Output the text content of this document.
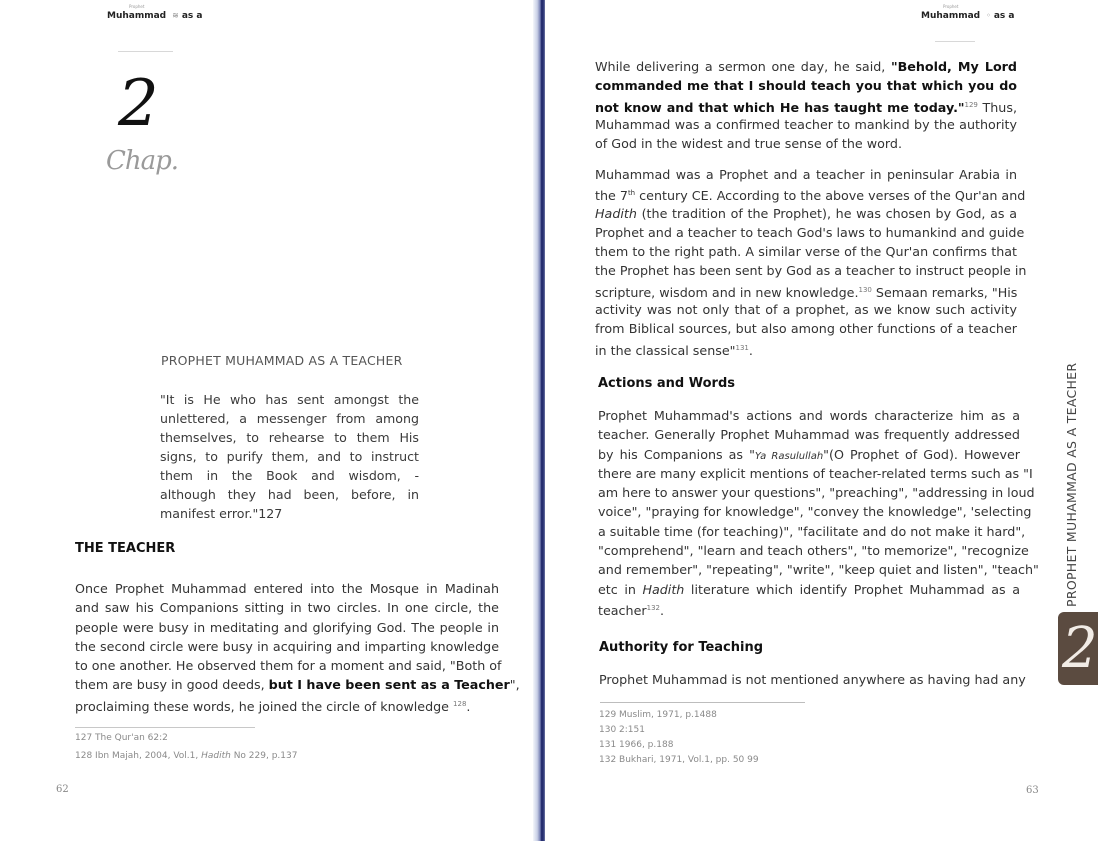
Prophet
Muhammad ≋ as a
2
Chap.
PROPHET MUHAMMAD AS A TEACHER
"It is He who has sent amongst the
unlettered, a messenger from among
themselves, to rehearse to them His
signs, to purify them, and to instruct
them in the Book and wisdom, -
although they had been, before, in
manifest error."127
THE TEACHER
Once Prophet Muhammad entered into the Mosque in Madinah
and saw his Companions sitting in two circles. In one circle, the
people were busy in meditating and glorifying God. The people in
the second circle were busy in acquiring and imparting knowledge
to one another. He observed them for a moment and said, "Both of
them are busy in good deeds, but I have been sent as a Teacher",
proclaiming these words, he joined the circle of knowledge $^{128}$.
127 The Qur'an 62:2
128 Ibn Majah, 2004, Vol.1, Hadith No 229, p.137
62
Prophet
Muhammad ◦ as a
While delivering a sermon one day, he said, "Behold, My Lord
commanded me that I should teach you that which you do
not know and that which He has taught me today."$^{129}$ Thus,
Muhammad was a confirmed teacher to mankind by the authority
of God in the widest and true sense of the word.
Muhammad was a Prophet and a teacher in peninsular Arabia in
the 7th century CE. According to the above verses of the Qur'an and
Hadith (the tradition of the Prophet), he was chosen by God, as a
Prophet and a teacher to teach God's laws to humankind and guide
them to the right path. A similar verse of the Qur'an confirms that
the Prophet has been sent by God as a teacher to instruct people in
scripture, wisdom and in new knowledge.$^{130}$ Semaan remarks, "His
activity was not only that of a prophet, as we know such activity
from Biblical sources, but also among other functions of a teacher
in the classical sense"$^{131}$.
Actions and Words
Prophet Muhammad's actions and words characterize him as a
teacher. Generally Prophet Muhammad was frequently addressed
by his Companions as "Ya Rasulullah"(O Prophet of God). However
there are many explicit mentions of teacher-related terms such as "I
am here to answer your questions", "preaching", "addressing in loud
voice", "praying for knowledge", "convey the knowledge", 'selecting
a suitable time (for teaching)", "facilitate and do not make it hard",
"comprehend", "learn and teach others", "to memorize", "recognize
and remember", "repeating", "write", "keep quiet and listen", "teach"
etc in Hadith literature which identify Prophet Muhammad as a
teacher$^{132}$.
Authority for Teaching
Prophet Muhammad is not mentioned anywhere as having had any
129 Muslim, 1971, p.1488
130 2:151
131 1966, p.188
132 Bukhari, 1971, Vol.1, pp. 50 99
63
PROPHET MUHAMMAD AS A TEACHER
2
